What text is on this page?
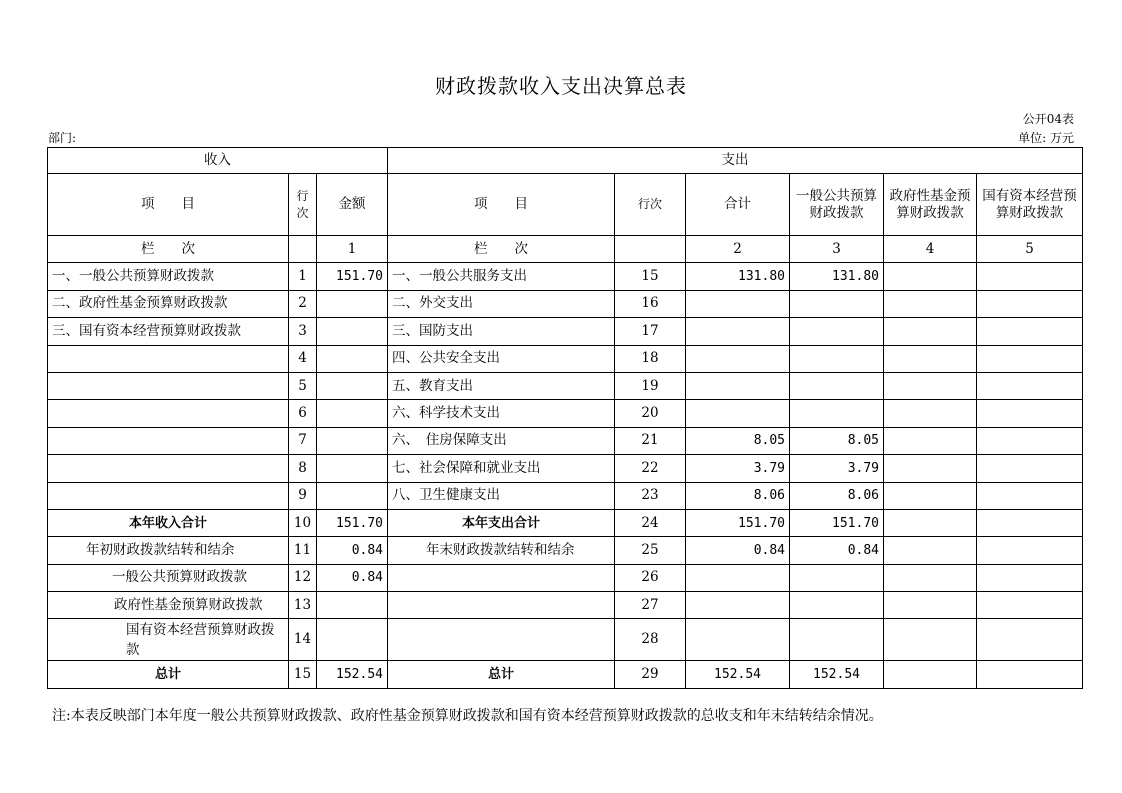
财政拨款收入支出决算总表
公开04表
部门:	单位: 万元
收入			支出					
项　　目	行次	金额	项　　目	行次	合计	一般公共预算财政拨款	政府性基金预算财政拨款	国有资本经营预算财政拨款
栏　　次		1	栏　　次		2	3	4	5
一、一般公共预算财政拨款	1	151.70	一、一般公共服务支出	15	131.80	131.80		
二、政府性基金预算财政拨款	2		二、外交支出	16				
三、国有资本经营预算财政拨款	3		三、国防支出	17				
	4		四、公共安全支出	18				
	5		五、教育支出	19				
	6		六、科学技术支出	20				
	7		六、　住房保障支出	21	8.05	8.05		
	8		七、社会保障和就业支出	22	3.79	3.79		
	9		八、卫生健康支出	23	8.06	8.06		
本年收入合计	10	151.70	本年支出合计	24	151.70	151.70		
年初财政拨款结转和结余	11	0.84	年末财政拨款结转和结余	25	0.84	0.84		
一般公共预算财政拨款	12	0.84		26				
政府性基金预算财政拨款	13			27				
国有资本经营预算财政拨款	14			28				
总计	15	152.54	总计	29	152.54	152.54		
注:本表反映部门本年度一般公共预算财政拨款、政府性基金预算财政拨款和国有资本经营预算财政拨款的总收支和年末结转结余情况。
